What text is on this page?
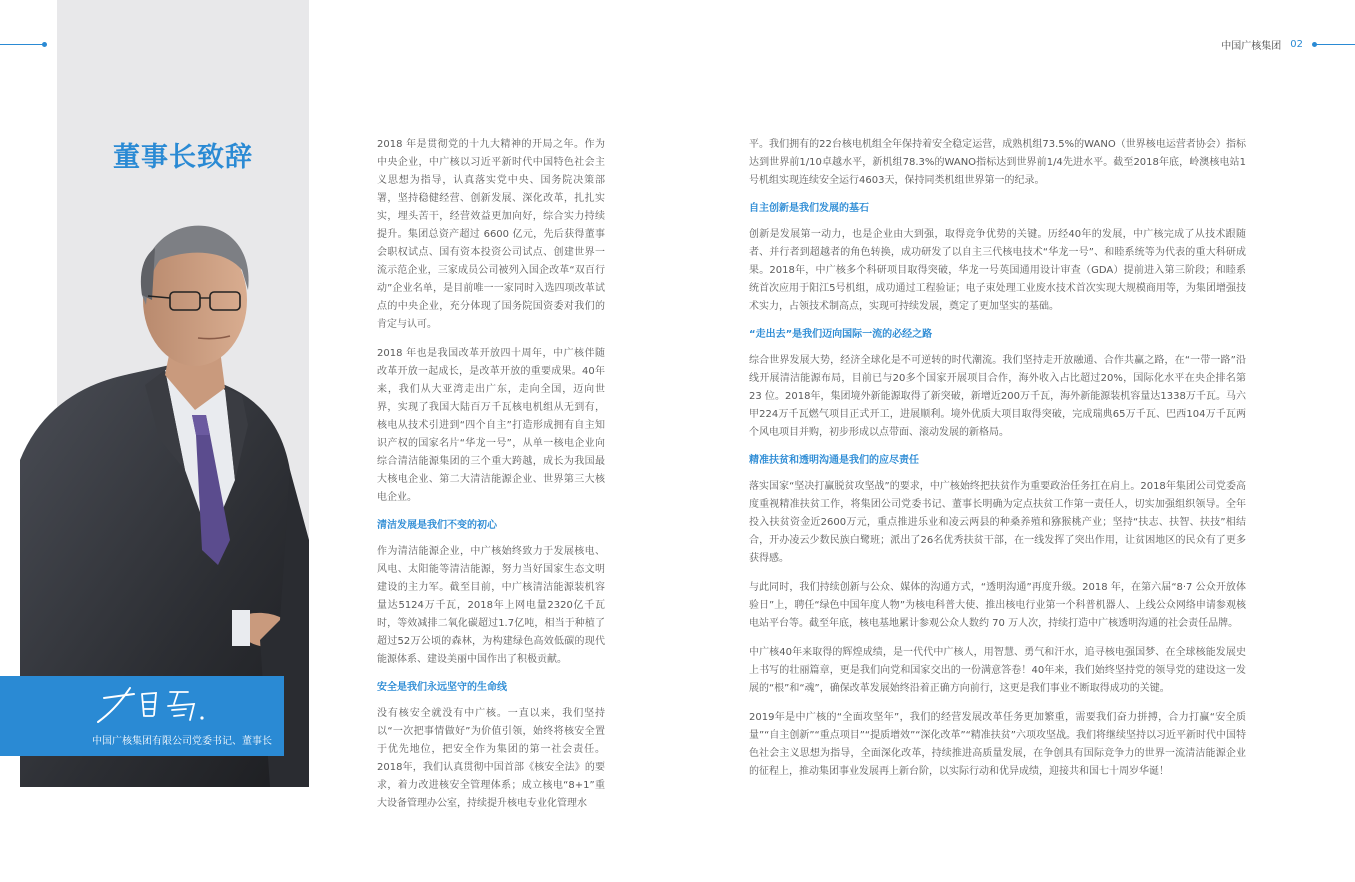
中国广核集团 02
董事长致辞
中国广核集团有限公司党委书记、董事长

2018 年是贯彻党的十九大精神的开局之年。作为中央企业，中广核以习近平新时代中国特色社会主义思想为指导，认真落实党中央、国务院决策部署，坚持稳健经营、创新发展、深化改革，扎扎实实，埋头苦干，经营效益更加向好，综合实力持续提升。集团总资产超过 6600 亿元，先后获得董事会职权试点、国有资本投资公司试点、创建世界一流示范企业，三家成员公司被列入国企改革“双百行动”企业名单，是目前唯一一家同时入选四项改革试点的中央企业，充分体现了国务院国资委对我们的肯定与认可。

2018 年也是我国改革开放四十周年，中广核伴随改革开放一起成长，是改革开放的重要成果。40年来，我们从大亚湾走出广东，走向全国，迈向世界，实现了我国大陆百万千瓦核电机组从无到有，核电从技术引进到“四个自主”打造形成拥有自主知识产权的国家名片“华龙一号”，从单一核电企业向综合清洁能源集团的三个重大跨越，成长为我国最大核电企业、第二大清洁能源企业、世界第三大核电企业。

清洁发展是我们不变的初心

作为清洁能源企业，中广核始终致力于发展核电、风电、太阳能等清洁能源，努力当好国家生态文明建设的主力军。截至目前，中广核清洁能源装机容量达5124万千瓦，2018年上网电量2320亿千瓦时，等效减排二氧化碳超过1.7亿吨，相当于种植了超过52万公顷的森林，为构建绿色高效低碳的现代能源体系、建设美丽中国作出了积极贡献。

安全是我们永远坚守的生命线

没有核安全就没有中广核。一直以来，我们坚持以“一次把事情做好”为价值引领，始终将核安全置于优先地位，把安全作为集团的第一社会责任。2018年，我们认真贯彻中国首部《核安全法》的要求，着力改进核安全管理体系；成立核电“8+1”重大设备管理办公室，持续提升核电专业化管理水

平。我们拥有的22台核电机组全年保持着安全稳定运营，成熟机组73.5%的WANO（世界核电运营者协会）指标达到世界前1/10卓越水平，新机组78.3%的WANO指标达到世界前1/4先进水平。截至2018年底，岭澳核电站1号机组实现连续安全运行4603天，保持同类机组世界第一的纪录。

自主创新是我们发展的基石

创新是发展第一动力，也是企业由大到强，取得竞争优势的关键。历经40年的发展，中广核完成了从技术跟随者、并行者到超越者的角色转换，成功研发了以自主三代核电技术“华龙一号”、和睦系统等为代表的重大科研成果。2018年，中广核多个科研项目取得突破，华龙一号英国通用设计审查（GDA）提前进入第三阶段；和睦系统首次应用于阳江5号机组，成功通过工程验证；电子束处理工业废水技术首次实现大规模商用等，为集团增强技术实力，占领技术制高点，实现可持续发展，奠定了更加坚实的基础。

“走出去”是我们迈向国际一流的必经之路

综合世界发展大势，经济全球化是不可逆转的时代潮流。我们坚持走开放融通、合作共赢之路，在“一带一路”沿线开展清洁能源布局，目前已与20多个国家开展项目合作，海外收入占比超过20%，国际化水平在央企排名第23 位。2018年，集团境外新能源取得了新突破，新增近200万千瓦，海外新能源装机容量达1338万千瓦。马六甲224万千瓦燃气项目正式开工，进展顺利。境外优质大项目取得突破，完成瑞典65万千瓦、巴西104万千瓦两个风电项目并购，初步形成以点带面、滚动发展的新格局。

精准扶贫和透明沟通是我们的应尽责任

落实国家“坚决打赢脱贫攻坚战”的要求，中广核始终把扶贫作为重要政治任务扛在肩上。2018年集团公司党委高度重视精准扶贫工作，将集团公司党委书记、董事长明确为定点扶贫工作第一责任人，切实加强组织领导。全年投入扶贫资金近2600万元，重点推进乐业和凌云两县的种桑养殖和猕猴桃产业；坚持“扶志、扶智、扶技”相结合，开办凌云少数民族白鹭班；派出了26名优秀扶贫干部，在一线发挥了突出作用，让贫困地区的民众有了更多获得感。

与此同时，我们持续创新与公众、媒体的沟通方式，“透明沟通”再度升级。2018 年，在第六届“8·7 公众开放体验日”上，聘任“绿色中国年度人物”为核电科普大使、推出核电行业第一个科普机器人、上线公众网络申请参观核电站平台等。截至年底，核电基地累计参观公众人数约 70 万人次，持续打造中广核透明沟通的社会责任品牌。

中广核40年来取得的辉煌成绩，是一代代中广核人，用智慧、勇气和汗水，追寻核电强国梦、在全球核能发展史上书写的壮丽篇章，更是我们向党和国家交出的一份满意答卷！40年来，我们始终坚持党的领导党的建设这一发展的“根”和“魂”，确保改革发展始终沿着正确方向前行，这更是我们事业不断取得成功的关键。

2019年是中广核的“全面攻坚年”，我们的经营发展改革任务更加繁重，需要我们奋力拼搏，合力打赢“安全质量”“自主创新”“重点项目”“提质增效”“深化改革”“精准扶贫”六项攻坚战。我们将继续坚持以习近平新时代中国特色社会主义思想为指导，全面深化改革，持续推进高质量发展，在争创具有国际竞争力的世界一流清洁能源企业的征程上，推动集团事业发展再上新台阶，以实际行动和优异成绩，迎接共和国七十周岁华诞！
